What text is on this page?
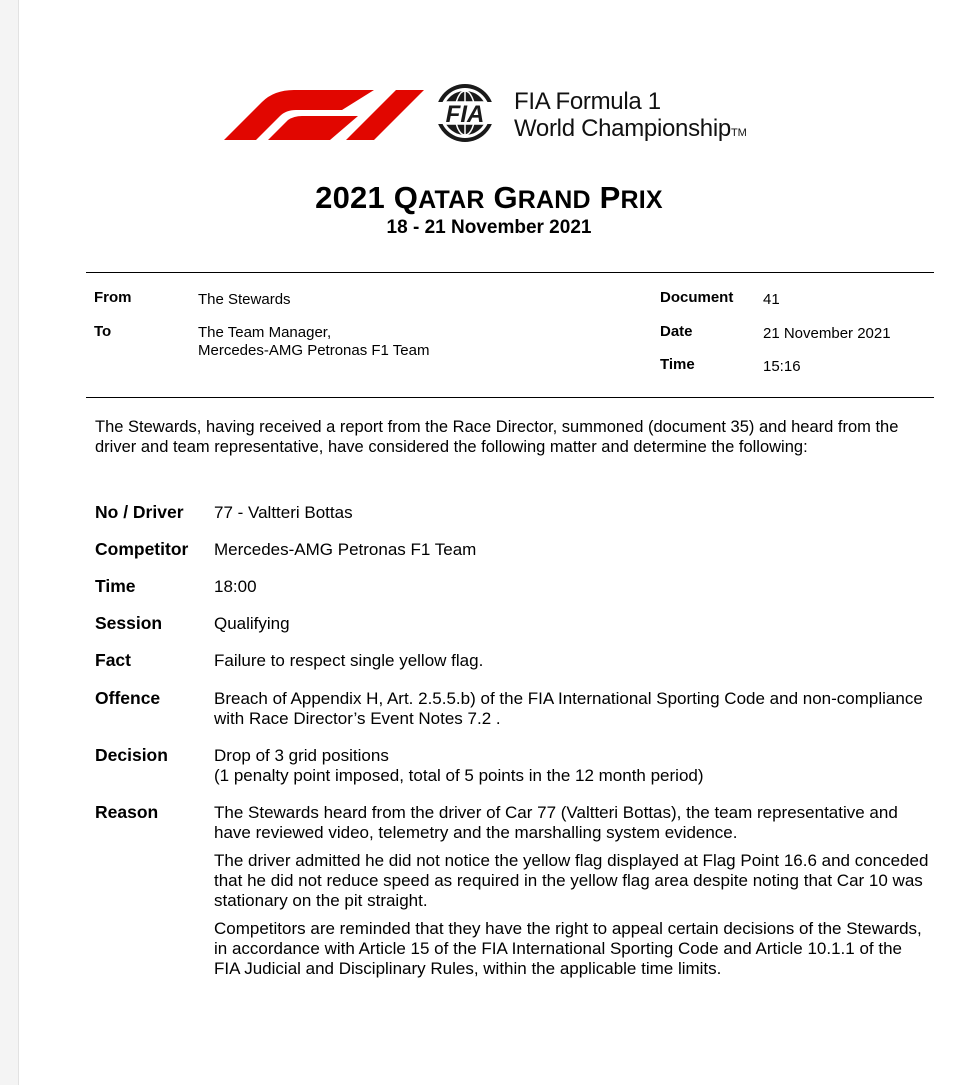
FIA FIA Formula 1
World ChampionshipTM
2021 QATAR GRAND PRIX
18 - 21 November 2021
From	The Stewards
To	The Team Manager,
Mercedes-AMG Petronas F1 Team
Document 41
Date	21 November 2021
Time	15:16
The Stewards, having received a report from the Race Director, summoned (document 35) and heard from the driver and team representative, have considered the following matter and determine the following:
No / Driver 77 - Valtteri Bottas
Competitor Mercedes-AMG Petronas F1 Team
Time	18:00
Session	Qualifying
Fact	Failure to respect single yellow flag.
Offence	Breach of Appendix H, Art. 2.5.5.b) of the FIA International Sporting Code and non-compliance with Race Director’s Event Notes 7.2 .
Decision	Drop of 3 grid positions
(1 penalty point imposed, total of 5 points in the 12 month period)
Reason	The Stewards heard from the driver of Car 77 (Valtteri Bottas), the team representative and have reviewed video, telemetry and the marshalling system evidence.

The driver admitted he did not notice the yellow flag displayed at Flag Point 16.6 and conceded that he did not reduce speed as required in the yellow flag area despite noting that Car 10 was stationary on the pit straight.

Competitors are reminded that they have the right to appeal certain decisions of the Stewards, in accordance with Article 15 of the FIA International Sporting Code and Article 10.1.1 of the FIA Judicial and Disciplinary Rules, within the applicable time limits.
